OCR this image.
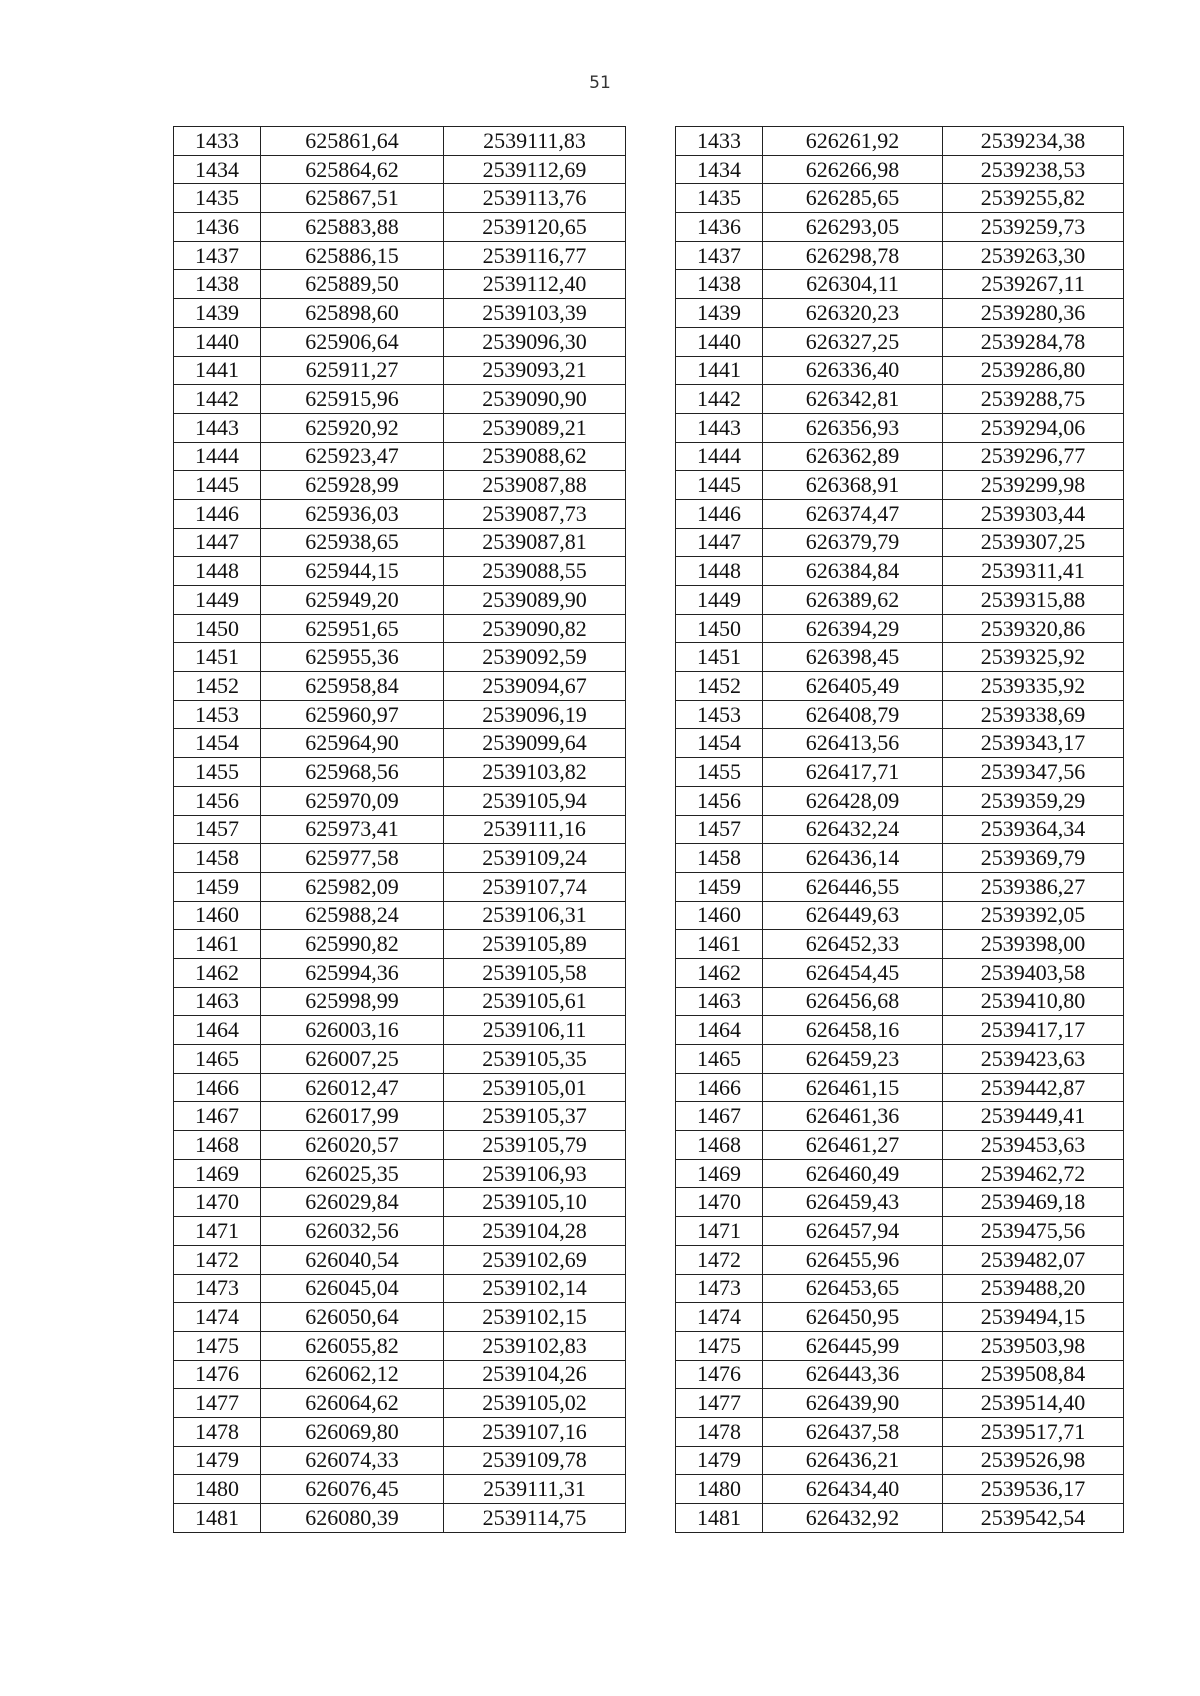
51
1433	625861,64	2539111,83		1433	626261,92	2539234,38
1434	625864,62	2539112,69		1434	626266,98	2539238,53
1435	625867,51	2539113,76		1435	626285,65	2539255,82
1436	625883,88	2539120,65		1436	626293,05	2539259,73
1437	625886,15	2539116,77		1437	626298,78	2539263,30
1438	625889,50	2539112,40		1438	626304,11	2539267,11
1439	625898,60	2539103,39		1439	626320,23	2539280,36
1440	625906,64	2539096,30		1440	626327,25	2539284,78
1441	625911,27	2539093,21		1441	626336,40	2539286,80
1442	625915,96	2539090,90		1442	626342,81	2539288,75
1443	625920,92	2539089,21		1443	626356,93	2539294,06
1444	625923,47	2539088,62		1444	626362,89	2539296,77
1445	625928,99	2539087,88		1445	626368,91	2539299,98
1446	625936,03	2539087,73		1446	626374,47	2539303,44
1447	625938,65	2539087,81		1447	626379,79	2539307,25
1448	625944,15	2539088,55		1448	626384,84	2539311,41
1449	625949,20	2539089,90		1449	626389,62	2539315,88
1450	625951,65	2539090,82		1450	626394,29	2539320,86
1451	625955,36	2539092,59		1451	626398,45	2539325,92
1452	625958,84	2539094,67		1452	626405,49	2539335,92
1453	625960,97	2539096,19		1453	626408,79	2539338,69
1454	625964,90	2539099,64		1454	626413,56	2539343,17
1455	625968,56	2539103,82		1455	626417,71	2539347,56
1456	625970,09	2539105,94		1456	626428,09	2539359,29
1457	625973,41	2539111,16		1457	626432,24	2539364,34
1458	625977,58	2539109,24		1458	626436,14	2539369,79
1459	625982,09	2539107,74		1459	626446,55	2539386,27
1460	625988,24	2539106,31		1460	626449,63	2539392,05
1461	625990,82	2539105,89		1461	626452,33	2539398,00
1462	625994,36	2539105,58		1462	626454,45	2539403,58
1463	625998,99	2539105,61		1463	626456,68	2539410,80
1464	626003,16	2539106,11		1464	626458,16	2539417,17
1465	626007,25	2539105,35		1465	626459,23	2539423,63
1466	626012,47	2539105,01		1466	626461,15	2539442,87
1467	626017,99	2539105,37		1467	626461,36	2539449,41
1468	626020,57	2539105,79		1468	626461,27	2539453,63
1469	626025,35	2539106,93		1469	626460,49	2539462,72
1470	626029,84	2539105,10		1470	626459,43	2539469,18
1471	626032,56	2539104,28		1471	626457,94	2539475,56
1472	626040,54	2539102,69		1472	626455,96	2539482,07
1473	626045,04	2539102,14		1473	626453,65	2539488,20
1474	626050,64	2539102,15		1474	626450,95	2539494,15
1475	626055,82	2539102,83		1475	626445,99	2539503,98
1476	626062,12	2539104,26		1476	626443,36	2539508,84
1477	626064,62	2539105,02		1477	626439,90	2539514,40
1478	626069,80	2539107,16		1478	626437,58	2539517,71
1479	626074,33	2539109,78		1479	626436,21	2539526,98
1480	626076,45	2539111,31		1480	626434,40	2539536,17
1481	626080,39	2539114,75		1481	626432,92	2539542,54
